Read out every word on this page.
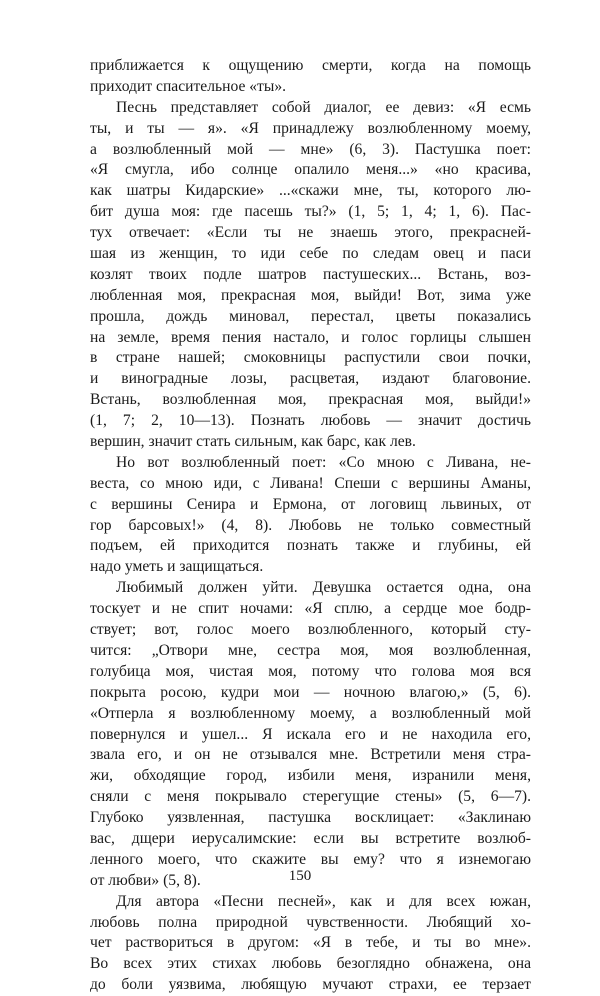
приближается к ощущению смерти, когда на помощь
приходит спасительное «ты».
Песнь представляет собой диалог, ее девиз: «Я есмь
ты, и ты — я». «Я принадлежу возлюбленному моему,
а возлюбленный мой — мне» (6, 3). Пастушка поет:
«Я смугла, ибо солнце опалило меня...» «но красива,
как шатры Кидарские» ...«скажи мне, ты, которого лю-
бит душа моя: где пасешь ты?» (1, 5; 1, 4; 1, 6). Пас-
тух отвечает: «Если ты не знаешь этого, прекрасней-
шая из женщин, то иди себе по следам овец и паси
козлят твоих подле шатров пастушеских... Встань, воз-
любленная моя, прекрасная моя, выйди! Вот, зима уже
прошла, дождь миновал, перестал, цветы показались
на земле, время пения настало, и голос горлицы слышен
в стране нашей; смоковницы распустили свои почки,
и виноградные лозы, расцветая, издают благовоние.
Встань, возлюбленная моя, прекрасная моя, выйди!»
(1, 7; 2, 10—13). Познать любовь — значит достичь
вершин, значит стать сильным, как барс, как лев.
Но вот возлюбленный поет: «Со мною с Ливана, не-
веста, со мною иди, с Ливана! Спеши с вершины Аманы,
с вершины Сенира и Ермона, от логовищ львиных, от
гор барсовых!» (4, 8). Любовь не только совместный
подъем, ей приходится познать также и глубины, ей
надо уметь и защищаться.
Любимый должен уйти. Девушка остается одна, она
тоскует и не спит ночами: «Я сплю, а сердце мое бодр-
ствует; вот, голос моего возлюбленного, который сту-
чится: „Отвори мне, сестра моя, моя возлюбленная,
голубица моя, чистая моя, потому что голова моя вся
покрыта росою, кудри мои — ночною влагою,» (5, 6).
«Отперла я возлюбленному моему, а возлюбленный мой
повернулся и ушел... Я искала его и не находила его,
звала его, и он не отзывался мне. Встретили меня стра-
жи, обходящие город, избили меня, изранили меня,
сняли с меня покрывало стерегущие стены» (5, 6—7).
Глубоко уязвленная, пастушка восклицает: «Заклинаю
вас, дщери иерусалимские: если вы встретите возлюб-
ленного моего, что скажите вы ему? что я изнемогаю
от любви» (5, 8).
Для автора «Песни песней», как и для всех южан,
любовь полна природной чувственности. Любящий хо-
чет раствориться в другом: «Я в тебе, и ты во мне».
Во всех этих стихах любовь безоглядно обнажена, она
до боли уязвима, любящую мучают страхи, ее терзает
150
